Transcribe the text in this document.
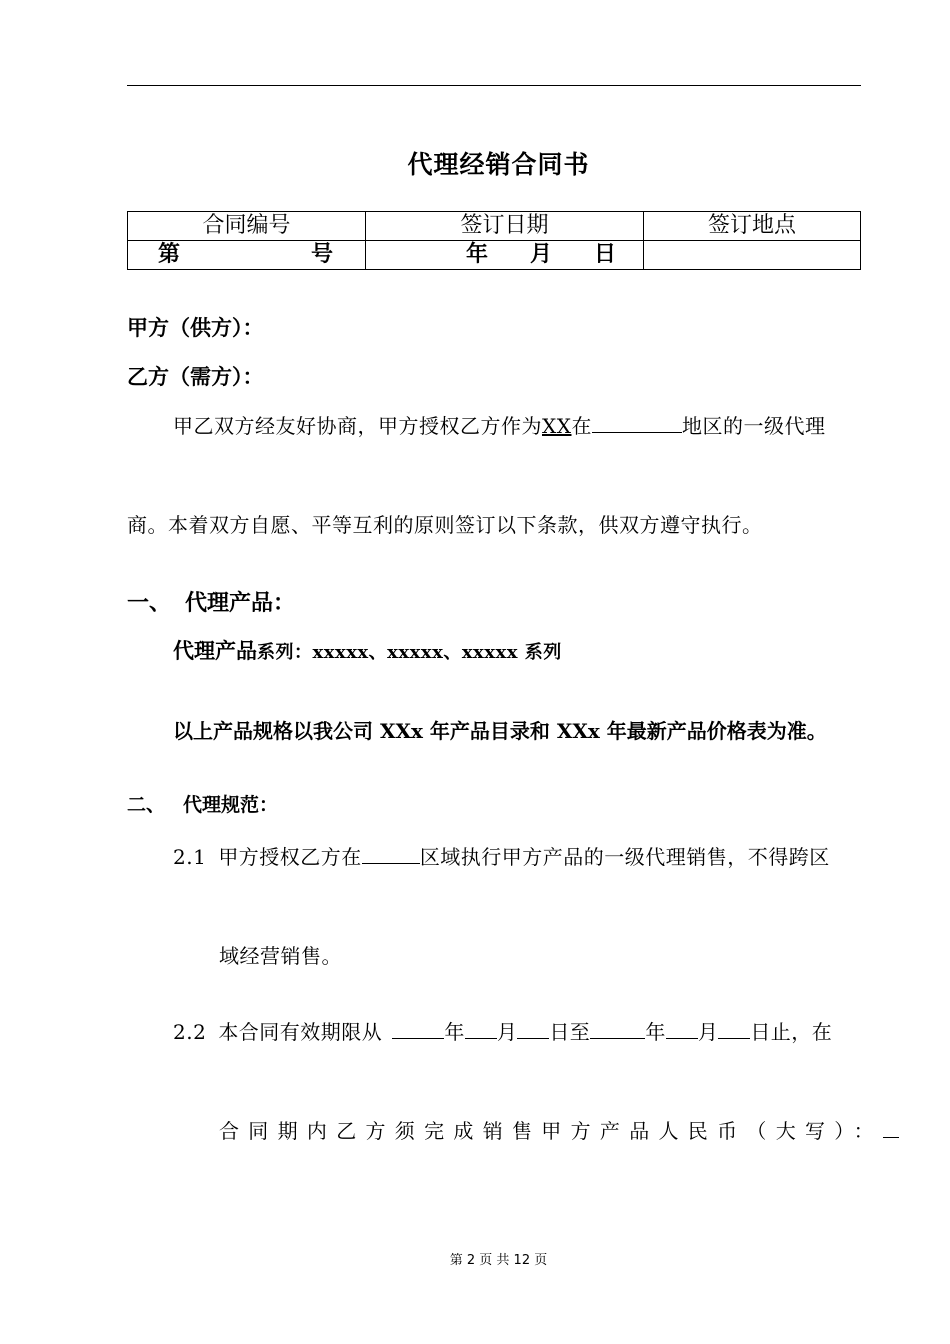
代理经销合同书
合同编号	签订日期	签订地点

第 号	年 月 日	
甲方（供方）：
乙方（需方）：
甲乙双方经友好协商，甲方授权乙方作为XX在	地区的一级代理
商。本着双方自愿、平等互利的原则签订以下条款，供双方遵守执行。
一、 代理产品：
代理产品系列：xxxxx、xxxxx、xxxxx 系列
以上产品规格以我公司 XXx 年产品目录和 XXx 年最新产品价格表为准。
二、 代理规范：
2.1 甲方授权乙方在	区域执行甲方产品的一级代理销售，不得跨区
域经营销售。
2.2 本合同有效期限从	年 月 日至	年 月 日止，在
合同期内乙方须完成销售甲方产品人民币（大写）：
第 2 页 共 12 页
